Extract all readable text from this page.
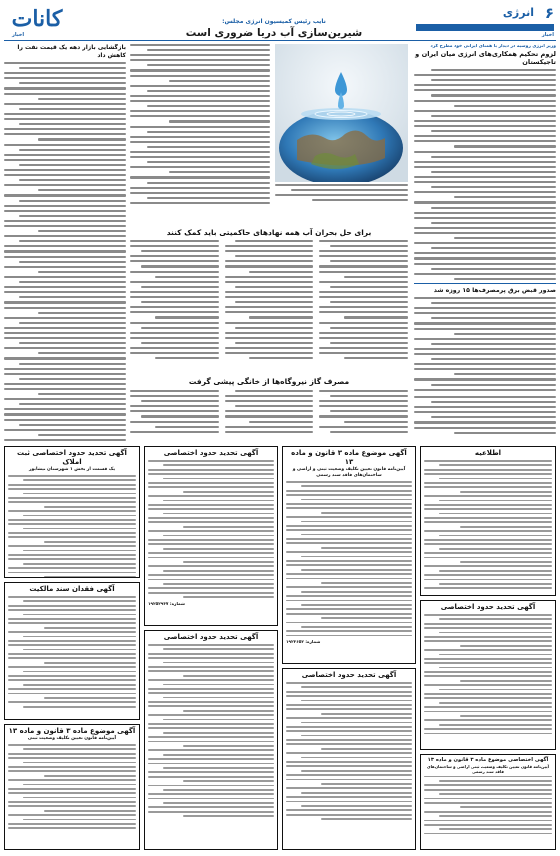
کانات	نایب رئیس کمیسیون انرژی مجلس:
شیرین‌سازی آب دریا ضروری است
۶
انرژی
اخبار
اخبار
وزیر انرژی روسیه در دیدار با همتای ایرانی خود مطرح کرد
لزوم تحکیم همکاری‌های انرژی میان ایران و تاجیکستان
صدور قبض برق پرمصرف‌ها ۱۵ روزه شد
برای حل بحران آب همه نهادهای حاکمیتی باید کمک کنند
مصرف گاز نیروگاه‌ها از خانگی پیشی گرفت
بازگشایی بازار دهه‌ یک قیمت نفت را کاهش داد
آگهی تحدید حدود اختصاصی ثبت املاک
یک قسمت از بخش ۱ شهرستان نیشابور
آگهی فقدان سند مالکیت
آگهی موضوع ماده ۳ قانون و ماده ۱۳
آیین‌نامه قانون تعیین تکلیف وضعیت ثبتی
آگهی تحدید حدود اختصاصی
شماره: ۱۹۲۵۲۹۳۷
آگهی تحدید حدود اختصاصی
آگهی موضوع ماده ۳ قانون و ماده ۱۳
آیین‌نامه قانون تعیین تکلیف وضعیت ثبتی و اراضی و ساختمان‌های فاقد سند رسمی
شماره: ۱۹۲۲۶۵۲
آگهی تحدید حدود اختصاصی
اطلاعیه
آگهی تحدید حدود اختصاصی
آگهی اختصاصی موضوع ماده ۳ قانون و ماده ۱۳
آیین‌نامه قانون تعیین تکلیف وضعیت ثبتی اراضی و ساختمان‌های فاقد سند رسمی
